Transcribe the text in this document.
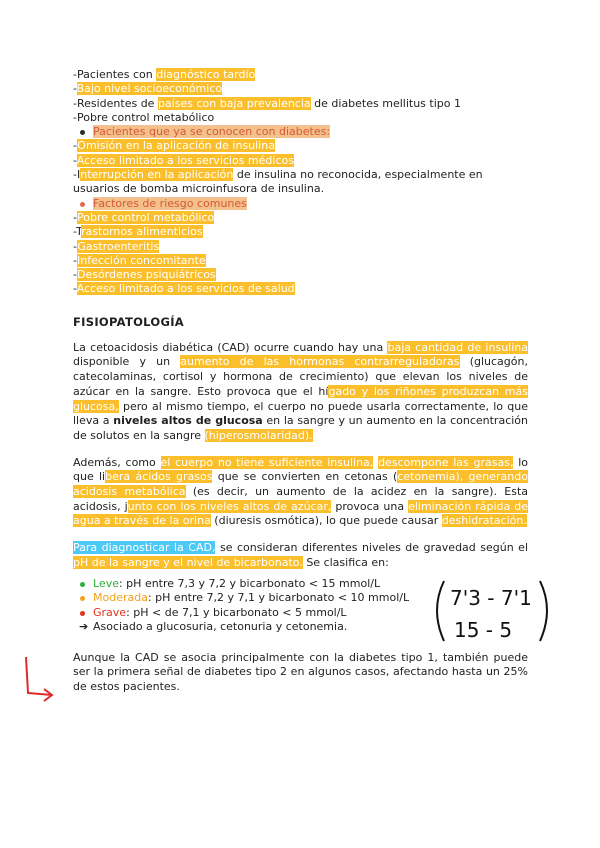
-Pacientes con diagnóstico tardío
-Bajo nivel socioeconómico
-Residentes de países con baja prevalencia de diabetes mellitus tipo 1
-Pobre control metabólico
Pacientes que ya se conocen con diabetes:
-Omisión en la aplicación de insulina
-Acceso limitado a los servicios médicos
-Interrupción en la aplicación de insulina no reconocida, especialmente en
usuarios de bomba microinfusora de insulina.
Factores de riesgo comunes
-Pobre control metabólico
-Trastornos alimenticios
-Gastroenteritis
-Infección concomitante
-Desórdenes psiquiátricos
-Acceso limitado a los servicios de salud
FISIOPATOLOGÍA
La cetoacidosis diabética (CAD) ocurre cuando hay una baja cantidad de insulina disponible y un aumento de las hormonas contrarreguladoras (glucagón, catecolaminas, cortisol y hormona de crecimiento) que elevan los niveles de azúcar en la sangre. Esto provoca que el hígado y los riñones produzcan más glucosa, pero al mismo tiempo, el cuerpo no puede usarla correctamente, lo que lleva a niveles altos de glucosa en la sangre y un aumento en la concentración de solutos en la sangre (hiperosmolaridad).
Además, como el cuerpo no tiene suficiente insulina, descompone las grasas, lo que libera ácidos grasos que se convierten en cetonas (cetonemia), generando acidosis metabólica (es decir, un aumento de la acidez en la sangre). Esta acidosis, junto con los niveles altos de azúcar, provoca una eliminación rápida de agua a través de la orina (diuresis osmótica), lo que puede causar deshidratación.
Para diagnosticar la CAD, se consideran diferentes niveles de gravedad según el pH de la sangre y el nivel de bicarbonato. Se clasifica en:
Leve: pH entre 7,3 y 7,2 y bicarbonato < 15 mmol/L
Moderada: pH entre 7,2 y 7,1 y bicarbonato < 10 mmol/L
Grave: pH < de 7,1 y bicarbonato < 5 mmol/L
➔ Asociado a glucosuria, cetonuria y cetonemia.
Aunque la CAD se asocia principalmente con la diabetes tipo 1, también puede ser la primera señal de diabetes tipo 2 en algunos casos, afectando hasta un 25% de estos pacientes.
7'3 - 7'1
15 - 5
